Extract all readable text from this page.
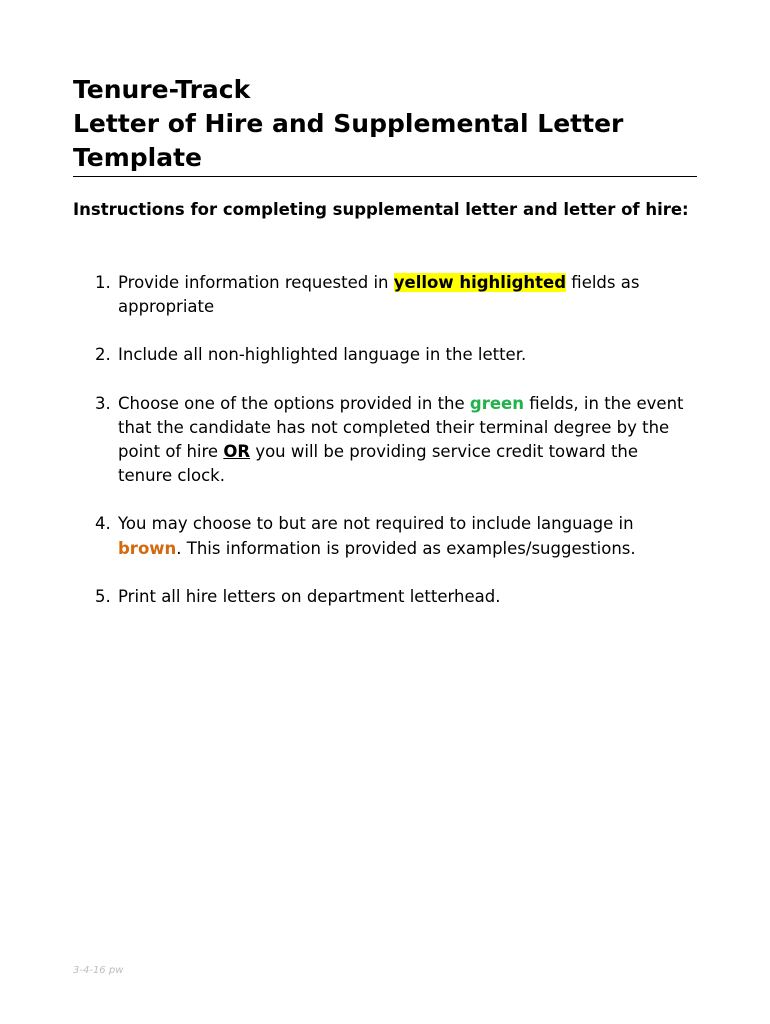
Tenure-Track
Letter of Hire and Supplemental Letter
Template
Instructions for completing supplemental letter and letter of hire:
1. Provide information requested in yellow highlighted fields as appropriate
2. Include all non-highlighted language in the letter.
3. Choose one of the options provided in the green fields, in the event that the candidate has not completed their terminal degree by the point of hire OR you will be providing service credit toward the tenure clock.
4. You may choose to but are not required to include language in brown. This information is provided as examples/suggestions.
5. Print all hire letters on department letterhead.
3-4-16 pw
